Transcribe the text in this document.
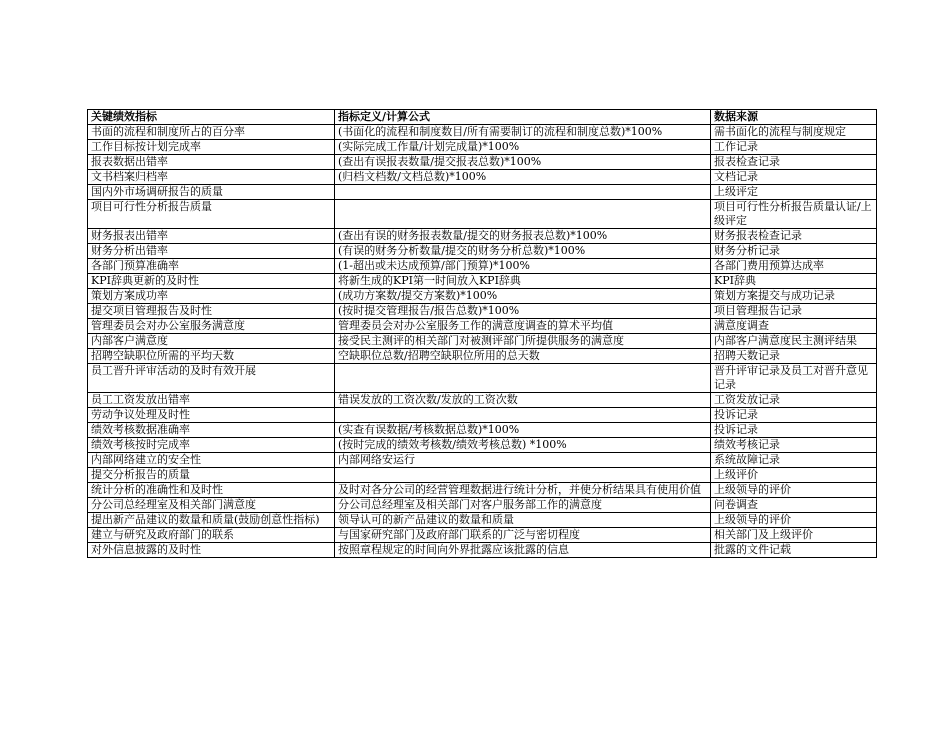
关键绩效指标	指标定义/计算公式	数据来源
书面的流程和制度所占的百分率	(书面化的流程和制度数目/所有需要制订的流程和制度总数)*100%	需书面化的流程与制度规定
工作目标按计划完成率	(实际完成工作量/计划完成量)*100%	工作记录
报表数据出错率	(查出有误报表数量/提交报表总数)*100%	报表检查记录
文书档案归档率	(归档文档数/文档总数)*100%	文档记录
国内外市场调研报告的质量		上级评定
项目可行性分析报告质量		项目可行性分析报告质量认证/上级评定
财务报表出错率	(查出有误的财务报表数量/提交的财务报表总数)*100%	财务报表检查记录
财务分析出错率	(有误的财务分析数量/提交的财务分析总数)*100%	财务分析记录
各部门预算准确率	(1-超出或未达成预算/部门预算)*100%	各部门费用预算达成率
KPI辞典更新的及时性	将新生成的KPI第一时间放入KPI辞典	KPI辞典
策划方案成功率	(成功方案数/提交方案数)*100%	策划方案提交与成功记录
提交项目管理报告及时性	(按时提交管理报告/报告总数)*100%	项目管理报告记录
管理委员会对办公室服务满意度	管理委员会对办公室服务工作的满意度调查的算术平均值	满意度调查
内部客户满意度	接受民主测评的相关部门对被测评部门所提供服务的满意度	内部客户满意度民主测评结果
招聘空缺职位所需的平均天数	空缺职位总数/招聘空缺职位所用的总天数	招聘天数记录
员工晋升评审活动的及时有效开展		晋升评审记录及员工对晋升意见记录
员工工资发放出错率	错误发放的工资次数/发放的工资次数	工资发放记录
劳动争议处理及时性		投诉记录
绩效考核数据准确率	(实查有误数据/考核数据总数)*100%	投诉记录
绩效考核按时完成率	(按时完成的绩效考核数/绩效考核总数) *100%	绩效考核记录
内部网络建立的安全性	内部网络安运行	系统故障记录
提交分析报告的质量		上级评价
统计分析的准确性和及时性	及时对各分公司的经营管理数据进行统计分析，并使分析结果具有使用价值	上级领导的评价
分公司总经理室及相关部门满意度	分公司总经理室及相关部门对客户服务部工作的满意度	问卷调查
提出新产品建议的数量和质量(鼓励创意性指标)	领导认可的新产品建议的数量和质量	上级领导的评价
建立与研究及政府部门的联系	与国家研究部门及政府部门联系的广泛与密切程度	相关部门及上级评价
对外信息披露的及时性	按照章程规定的时间向外界批露应该批露的信息	批露的文件记载
